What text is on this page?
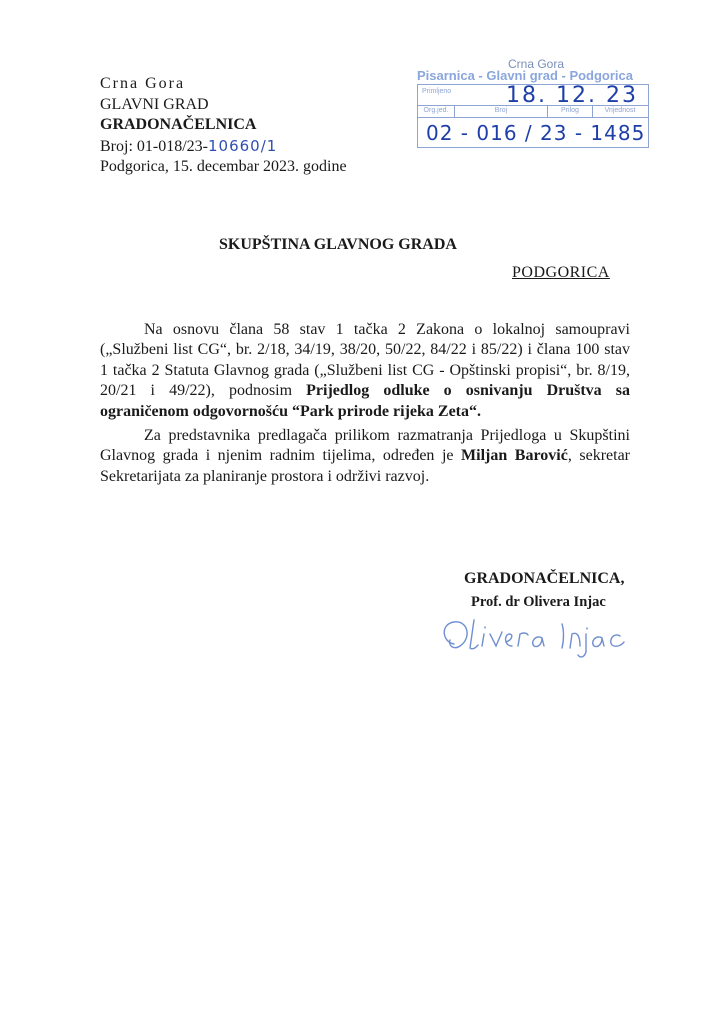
Crna Gora
GLAVNI GRAD
GRADONAČELNICA
Broj: 01-018/23-10660/1
Podgorica, 15. decembar 2023. godine
Crna Gora
Pisarnica - Glavni grad - Podgorica
Primljeno 18. 12. 23
Org.jed.	Broj	Prilog	Vrijednost
02 - 016 / 23 - 1485
SKUPŠTINA GLAVNOG GRADA
PODGORICA

Na osnovu člana 58 stav 1 tačka 2 Zakona o lokalnoj samoupravi („Službeni list CG“, br. 2/18, 34/19, 38/20, 50/22, 84/22 i 85/22) i člana 100 stav 1 tačka 2 Statuta Glavnog grada („Službeni list CG - Opštinski propisi“, br. 8/19, 20/21 i 49/22), podnosim Prijedlog odluke o osnivanju Društva sa ograničenom odgovornošću “Park prirode rijeka Zeta“.

Za predstavnika predlagača prilikom razmatranja Prijedloga u Skupštini Glavnog grada i njenim radnim tijelima, određen je Miljan Barović, sekretar Sekretarijata za planiranje prostora i održivi razvoj.

GRADONAČELNICA,
Prof. dr Olivera Injac
